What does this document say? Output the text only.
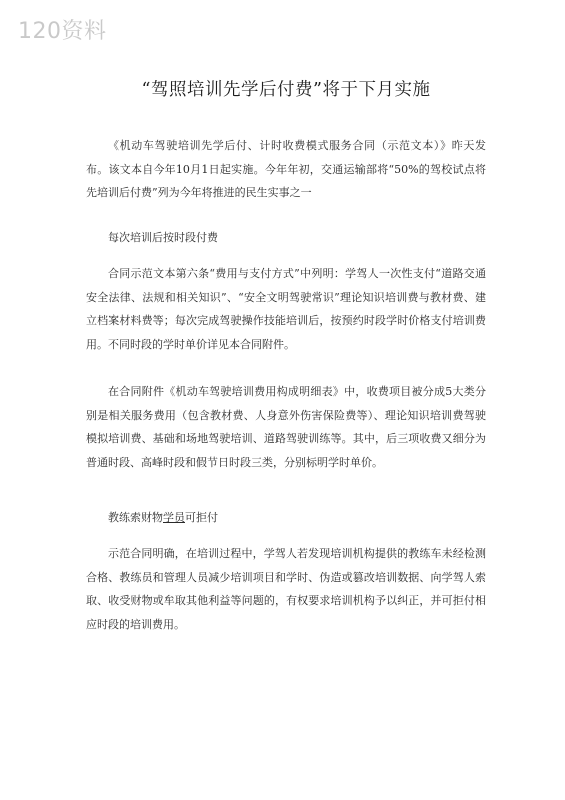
120资料
“驾照培训先学后付费”将于下月实施

《机动车驾驶培训先学后付、计时收费模式服务合同（示范文本）》昨天发布。该文本自今年10月1日起实施。今年年初，交通运输部将“50%的驾校试点将先培训后付费”列为今年将推进的民生实事之一

每次培训后按时段付费

合同示范文本第六条“费用与支付方式”中列明：学驾人一次性支付“道路交通安全法律、法规和相关知识”、“安全文明驾驶常识”理论知识培训费与教材费、建立档案材料费等；每次完成驾驶操作技能培训后，按预约时段学时价格支付培训费用。不同时段的学时单价详见本合同附件。

在合同附件《机动车驾驶培训费用构成明细表》中，收费项目被分成5大类分别是相关服务费用（包含教材费、人身意外伤害保险费等）、理论知识培训费驾驶模拟培训费、基础和场地驾驶培训、道路驾驶训练等。其中，后三项收费又细分为普通时段、高峰时段和假节日时段三类，分别标明学时单价。

教练索财物学员可拒付

示范合同明确，在培训过程中，学驾人若发现培训机构提供的教练车未经检测合格、教练员和管理人员减少培训项目和学时、伪造或篡改培训数据、向学驾人索取、收受财物或牟取其他利益等问题的，有权要求培训机构予以纠正，并可拒付相应时段的培训费用。
